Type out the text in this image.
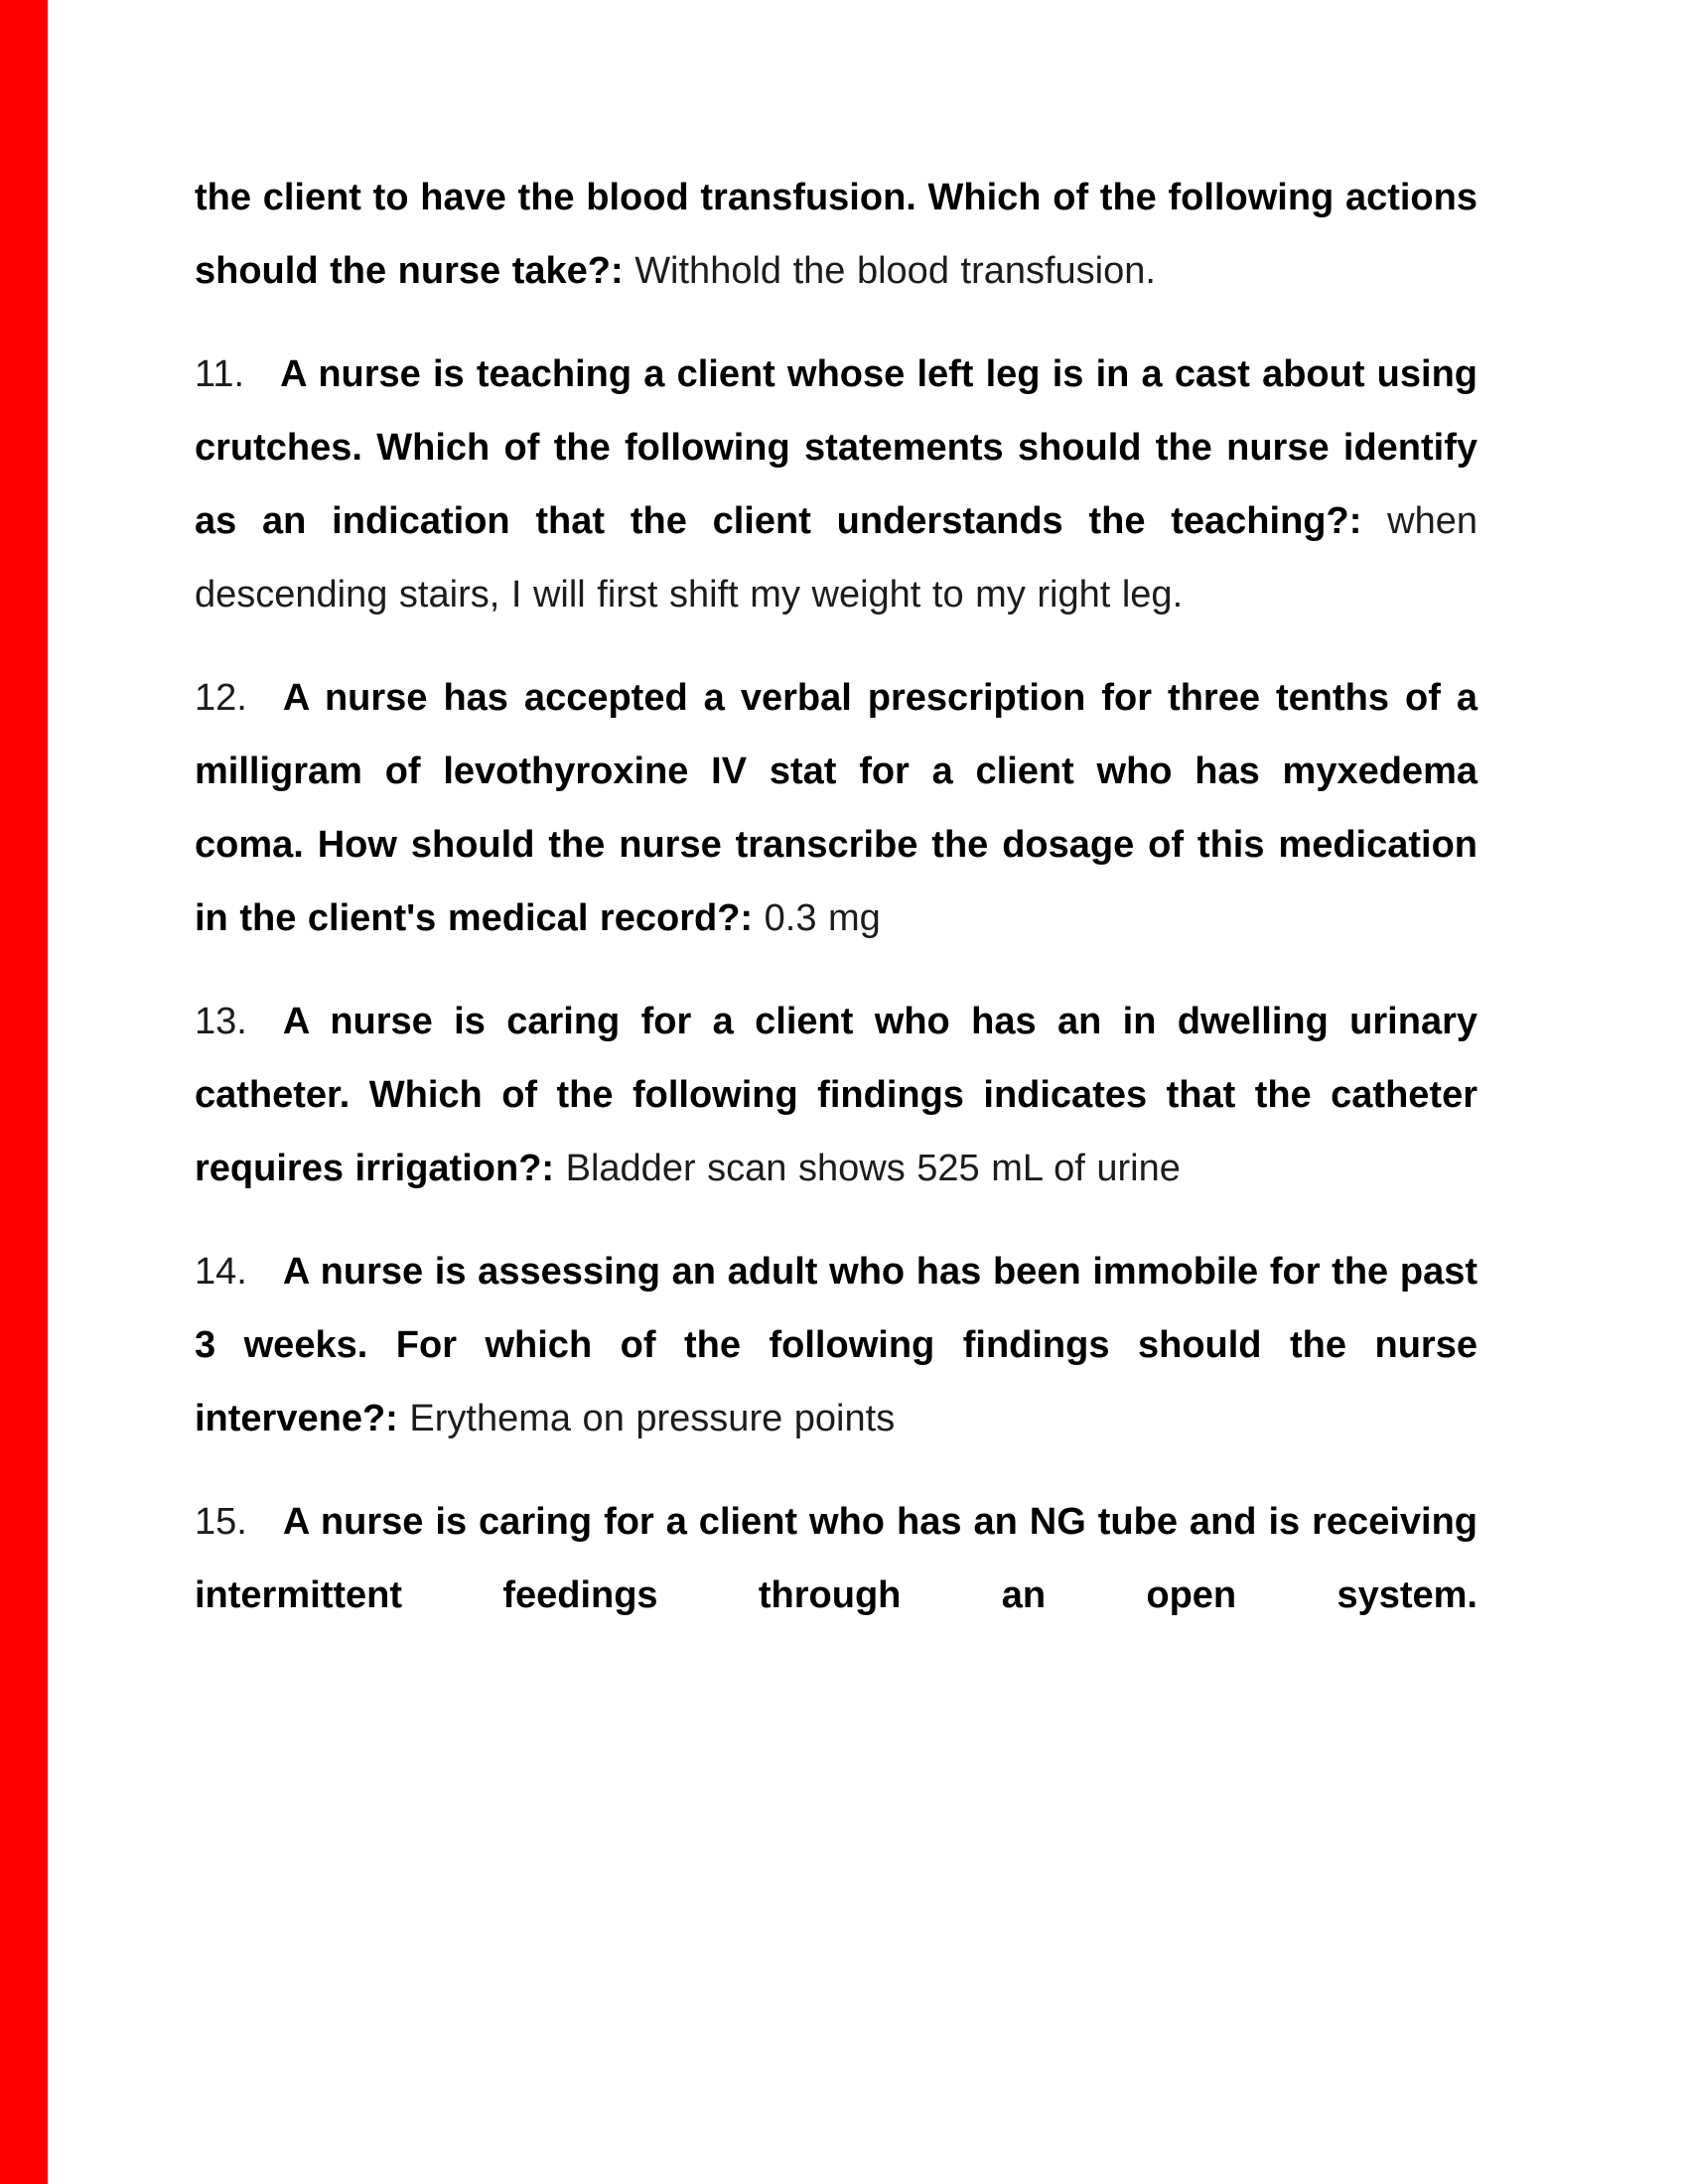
the client to have the blood transfusion. Which of the following actions should the nurse take?: Withhold the blood transfusion.

11. A nurse is teaching a client whose left leg is in a cast about using crutches. Which of the following statements should the nurse identify as an indication that the client understands the teaching?: when descending stairs, I will first shift my weight to my right leg.

12. A nurse has accepted a verbal prescription for three tenths of a milligram of levothyroxine IV stat for a client who has myxedema coma. How should the nurse transcribe the dosage of this medication in the client's medical record?: 0.3 mg

13. A nurse is caring for a client who has an in dwelling urinary catheter. Which of the following findings indicates that the catheter requires irrigation?: Bladder scan shows 525 mL of urine

14. A nurse is assessing an adult who has been immobile for the past 3 weeks. For which of the following findings should the nurse intervene?: Erythema on pressure points

15. A nurse is caring for a client who has an NG tube and is receiving intermittent feedings through an open system.
